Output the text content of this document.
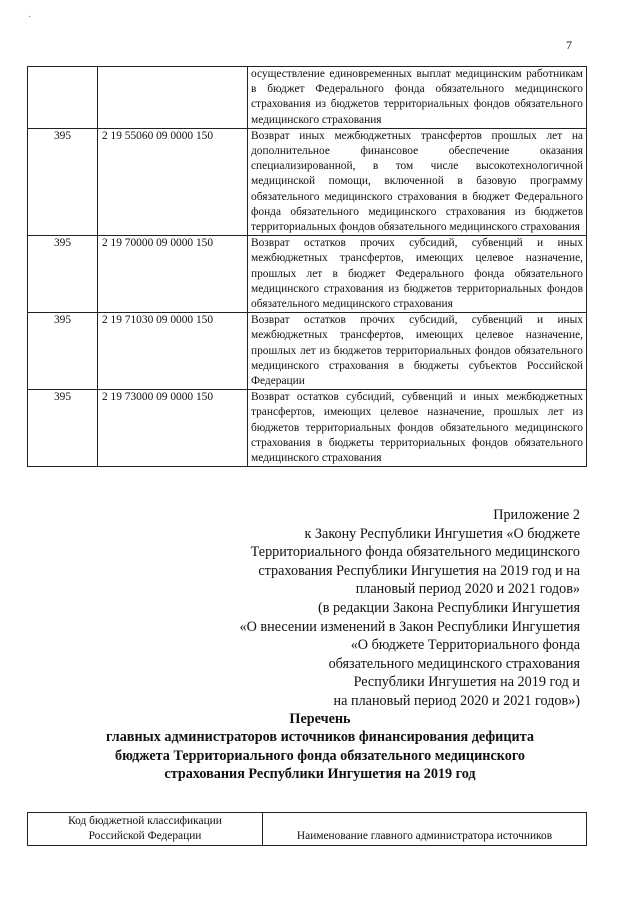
·
7
		осуществление единовременных выплат медицинским работникам в бюджет Федерального фонда обязательного медицинского страхования из бюджетов территориальных фондов обязательного медицинского страхования
395	2 19 55060 09 0000 150	Возврат иных межбюджетных трансфертов прошлых лет на дополнительное финансовое обеспечение оказания специализированной, в том числе высокотехнологичной медицинской помощи, включенной в базовую программу обязательного медицинского страхования в бюджет Федерального фонда обязательного медицинского страхования из бюджетов территориальных фондов обязательного медицинского страхования
395	2 19 70000 09 0000 150	Возврат остатков прочих субсидий, субвенций и иных межбюджетных трансфертов, имеющих целевое назначение, прошлых лет в бюджет Федерального фонда обязательного медицинского страхования из бюджетов территориальных фондов обязательного медицинского страхования
395	2 19 71030 09 0000 150	Возврат остатков прочих субсидий, субвенций и иных межбюджетных трансфертов, имеющих целевое назначение, прошлых лет из бюджетов территориальных фондов обязательного медицинского страхования в бюджеты субъектов Российской Федерации
395	2 19 73000 09 0000 150	Возврат остатков субсидий, субвенций и иных межбюджетных трансфертов, имеющих целевое назначение, прошлых лет из бюджетов территориальных фондов обязательного медицинского страхования в бюджеты территориальных фондов обязательного медицинского страхования
Приложение 2
к Закону Республики Ингушетия «О бюджете
Территориального фонда обязательного медицинского
страхования Республики Ингушетия на 2019 год и на
плановый период 2020 и 2021 годов»
(в редакции Закона Республики Ингушетия
«О внесении изменений в Закон Республики Ингушетия
«О бюджете Территориального фонда
обязательного медицинского страхования
Республики Ингушетия на 2019 год и
на плановый период 2020 и 2021 годов»)
Перечень
главных администраторов источников финансирования дефицита
бюджета Территориального фонда обязательного медицинского
страхования Республики Ингушетия на 2019 год
Код бюджетной классификации
Российской Федерации	Наименование главного администратора источников
